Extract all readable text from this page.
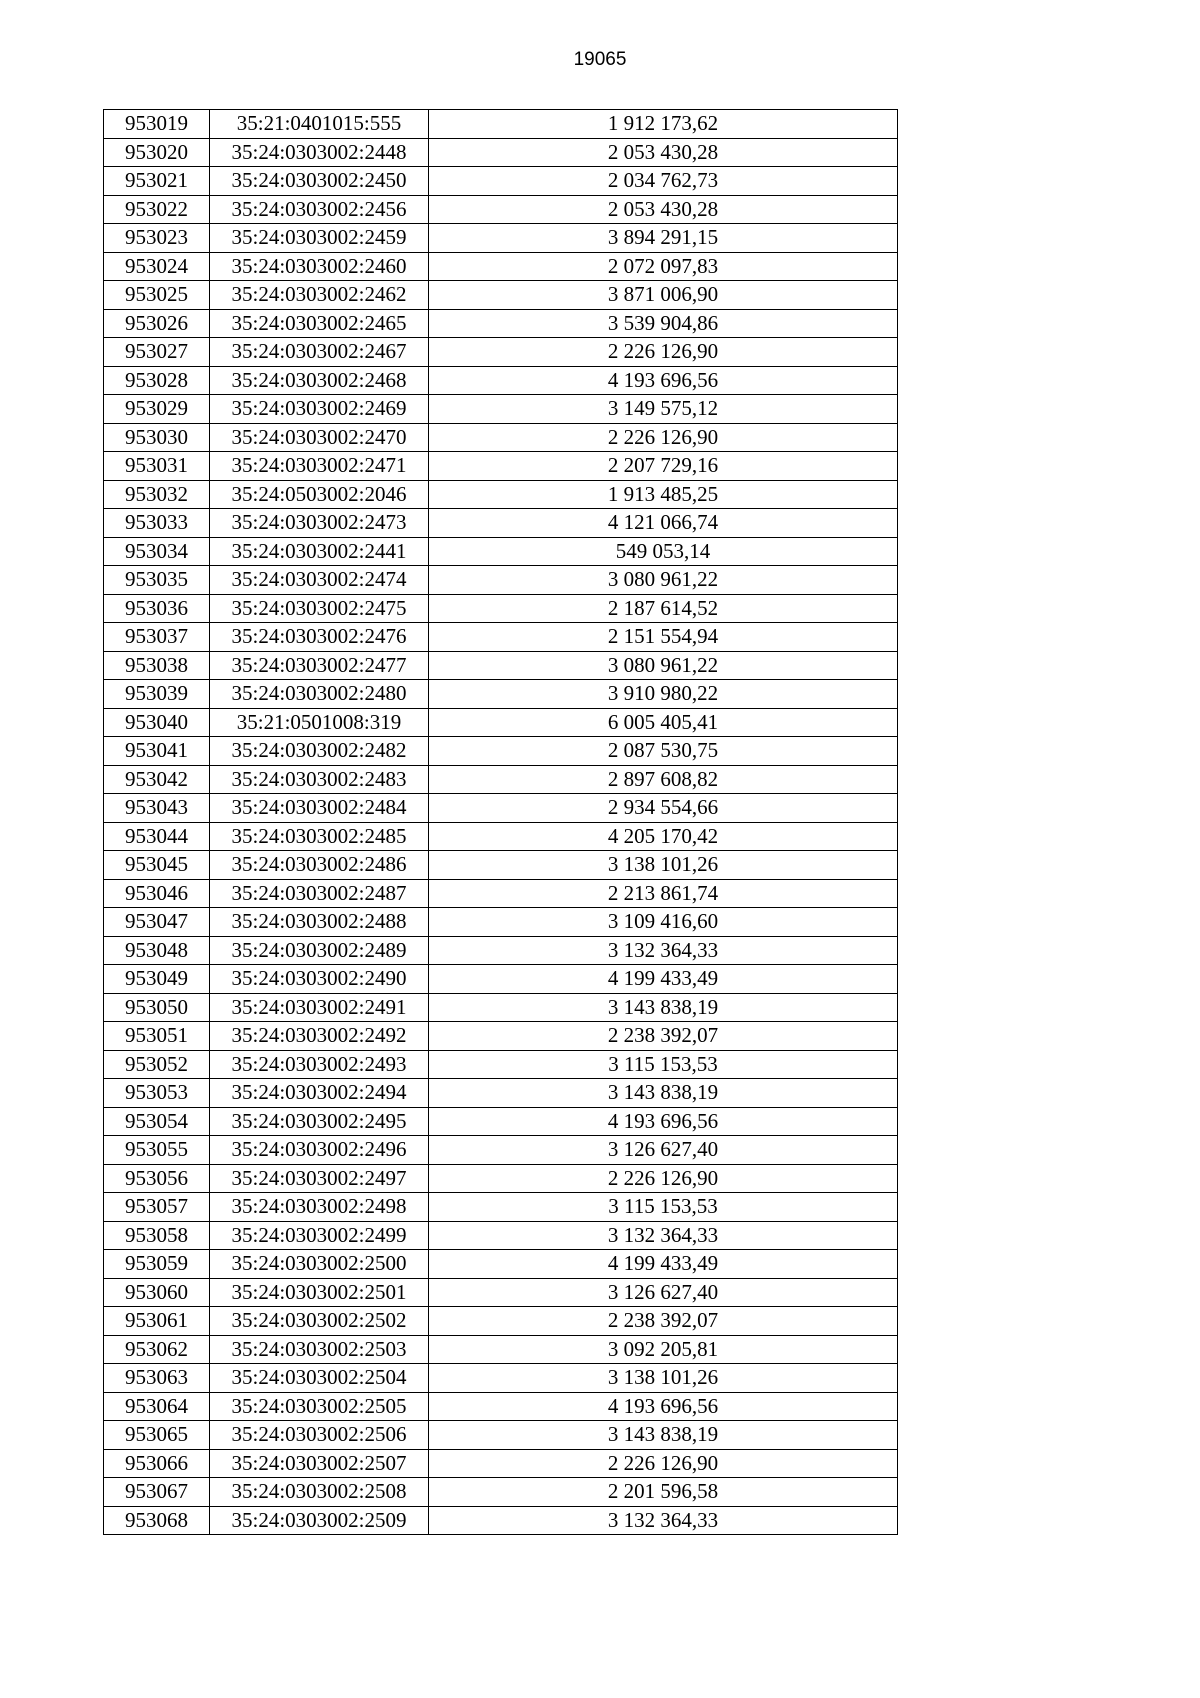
19065
953019	35:21:0401015:555	1 912 173,62
953020	35:24:0303002:2448	2 053 430,28
953021	35:24:0303002:2450	2 034 762,73
953022	35:24:0303002:2456	2 053 430,28
953023	35:24:0303002:2459	3 894 291,15
953024	35:24:0303002:2460	2 072 097,83
953025	35:24:0303002:2462	3 871 006,90
953026	35:24:0303002:2465	3 539 904,86
953027	35:24:0303002:2467	2 226 126,90
953028	35:24:0303002:2468	4 193 696,56
953029	35:24:0303002:2469	3 149 575,12
953030	35:24:0303002:2470	2 226 126,90
953031	35:24:0303002:2471	2 207 729,16
953032	35:24:0503002:2046	1 913 485,25
953033	35:24:0303002:2473	4 121 066,74
953034	35:24:0303002:2441	549 053,14
953035	35:24:0303002:2474	3 080 961,22
953036	35:24:0303002:2475	2 187 614,52
953037	35:24:0303002:2476	2 151 554,94
953038	35:24:0303002:2477	3 080 961,22
953039	35:24:0303002:2480	3 910 980,22
953040	35:21:0501008:319	6 005 405,41
953041	35:24:0303002:2482	2 087 530,75
953042	35:24:0303002:2483	2 897 608,82
953043	35:24:0303002:2484	2 934 554,66
953044	35:24:0303002:2485	4 205 170,42
953045	35:24:0303002:2486	3 138 101,26
953046	35:24:0303002:2487	2 213 861,74
953047	35:24:0303002:2488	3 109 416,60
953048	35:24:0303002:2489	3 132 364,33
953049	35:24:0303002:2490	4 199 433,49
953050	35:24:0303002:2491	3 143 838,19
953051	35:24:0303002:2492	2 238 392,07
953052	35:24:0303002:2493	3 115 153,53
953053	35:24:0303002:2494	3 143 838,19
953054	35:24:0303002:2495	4 193 696,56
953055	35:24:0303002:2496	3 126 627,40
953056	35:24:0303002:2497	2 226 126,90
953057	35:24:0303002:2498	3 115 153,53
953058	35:24:0303002:2499	3 132 364,33
953059	35:24:0303002:2500	4 199 433,49
953060	35:24:0303002:2501	3 126 627,40
953061	35:24:0303002:2502	2 238 392,07
953062	35:24:0303002:2503	3 092 205,81
953063	35:24:0303002:2504	3 138 101,26
953064	35:24:0303002:2505	4 193 696,56
953065	35:24:0303002:2506	3 143 838,19
953066	35:24:0303002:2507	2 226 126,90
953067	35:24:0303002:2508	2 201 596,58
953068	35:24:0303002:2509	3 132 364,33
